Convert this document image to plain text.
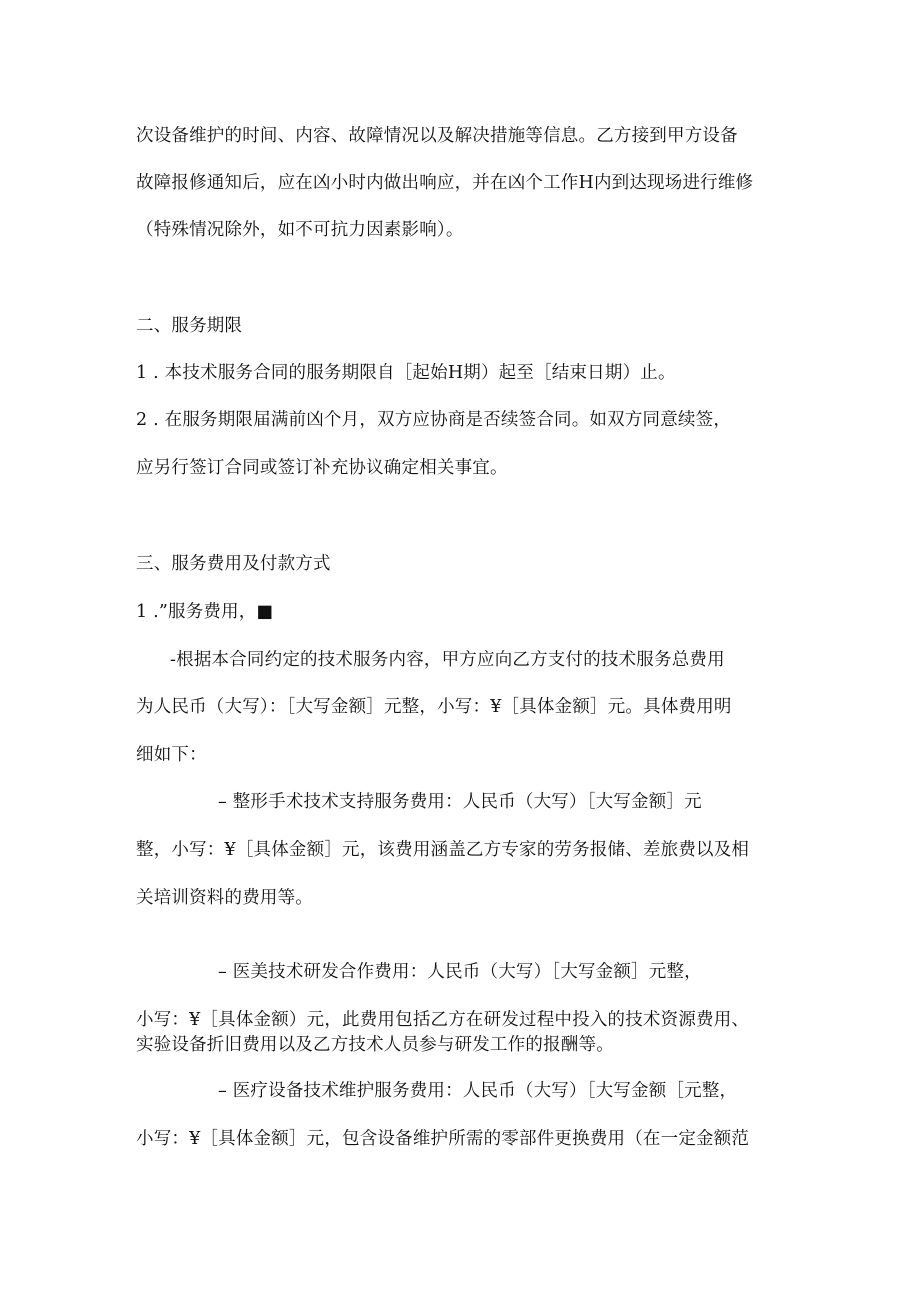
次设备维护的时间、内容、故障情况以及解决措施等信息。乙方接到甲方设备
故障报修通知后，应在凶小时内做出响应，并在凶个工作H内到达现场进行维修
（特殊情况除外，如不可抗力因素影响）。
二、服务期限
1 . 本技术服务合同的服务期限自［起始H期）起至［结束日期）止。
2 . 在服务期限届满前凶个月，双方应协商是否续签合同。如双方同意续签，
应另行签订合同或签订补充协议确定相关事宜。
三、服务费用及付款方式
1 .”服务费用，■
-根据本合同约定的技术服务内容，甲方应向乙方支付的技术服务总费用
为人民币（大写）：［大写金额］元整，小写：¥［具体金额］元。具体费用明
细如下：
– 整形手术技术支持服务费用：人民币（大写）［大写金额］元
整，小写：¥［具体金额］元，该费用涵盖乙方专家的劳务报储、差旅费以及相
关培训资料的费用等。
– 医美技术研发合作费用：人民币（大写）［大写金额］元整，
小写：¥［具体金额）元，此费用包括乙方在研发过程中投入的技术资源费用、
实验设备折旧费用以及乙方技术人员参与研发工作的报酬等。
– 医疗设备技术维护服务费用：人民币（大写）［大写金额［元整，
小写：¥［具体金额］元，包含设备维护所需的零部件更换费用（在一定金额范
